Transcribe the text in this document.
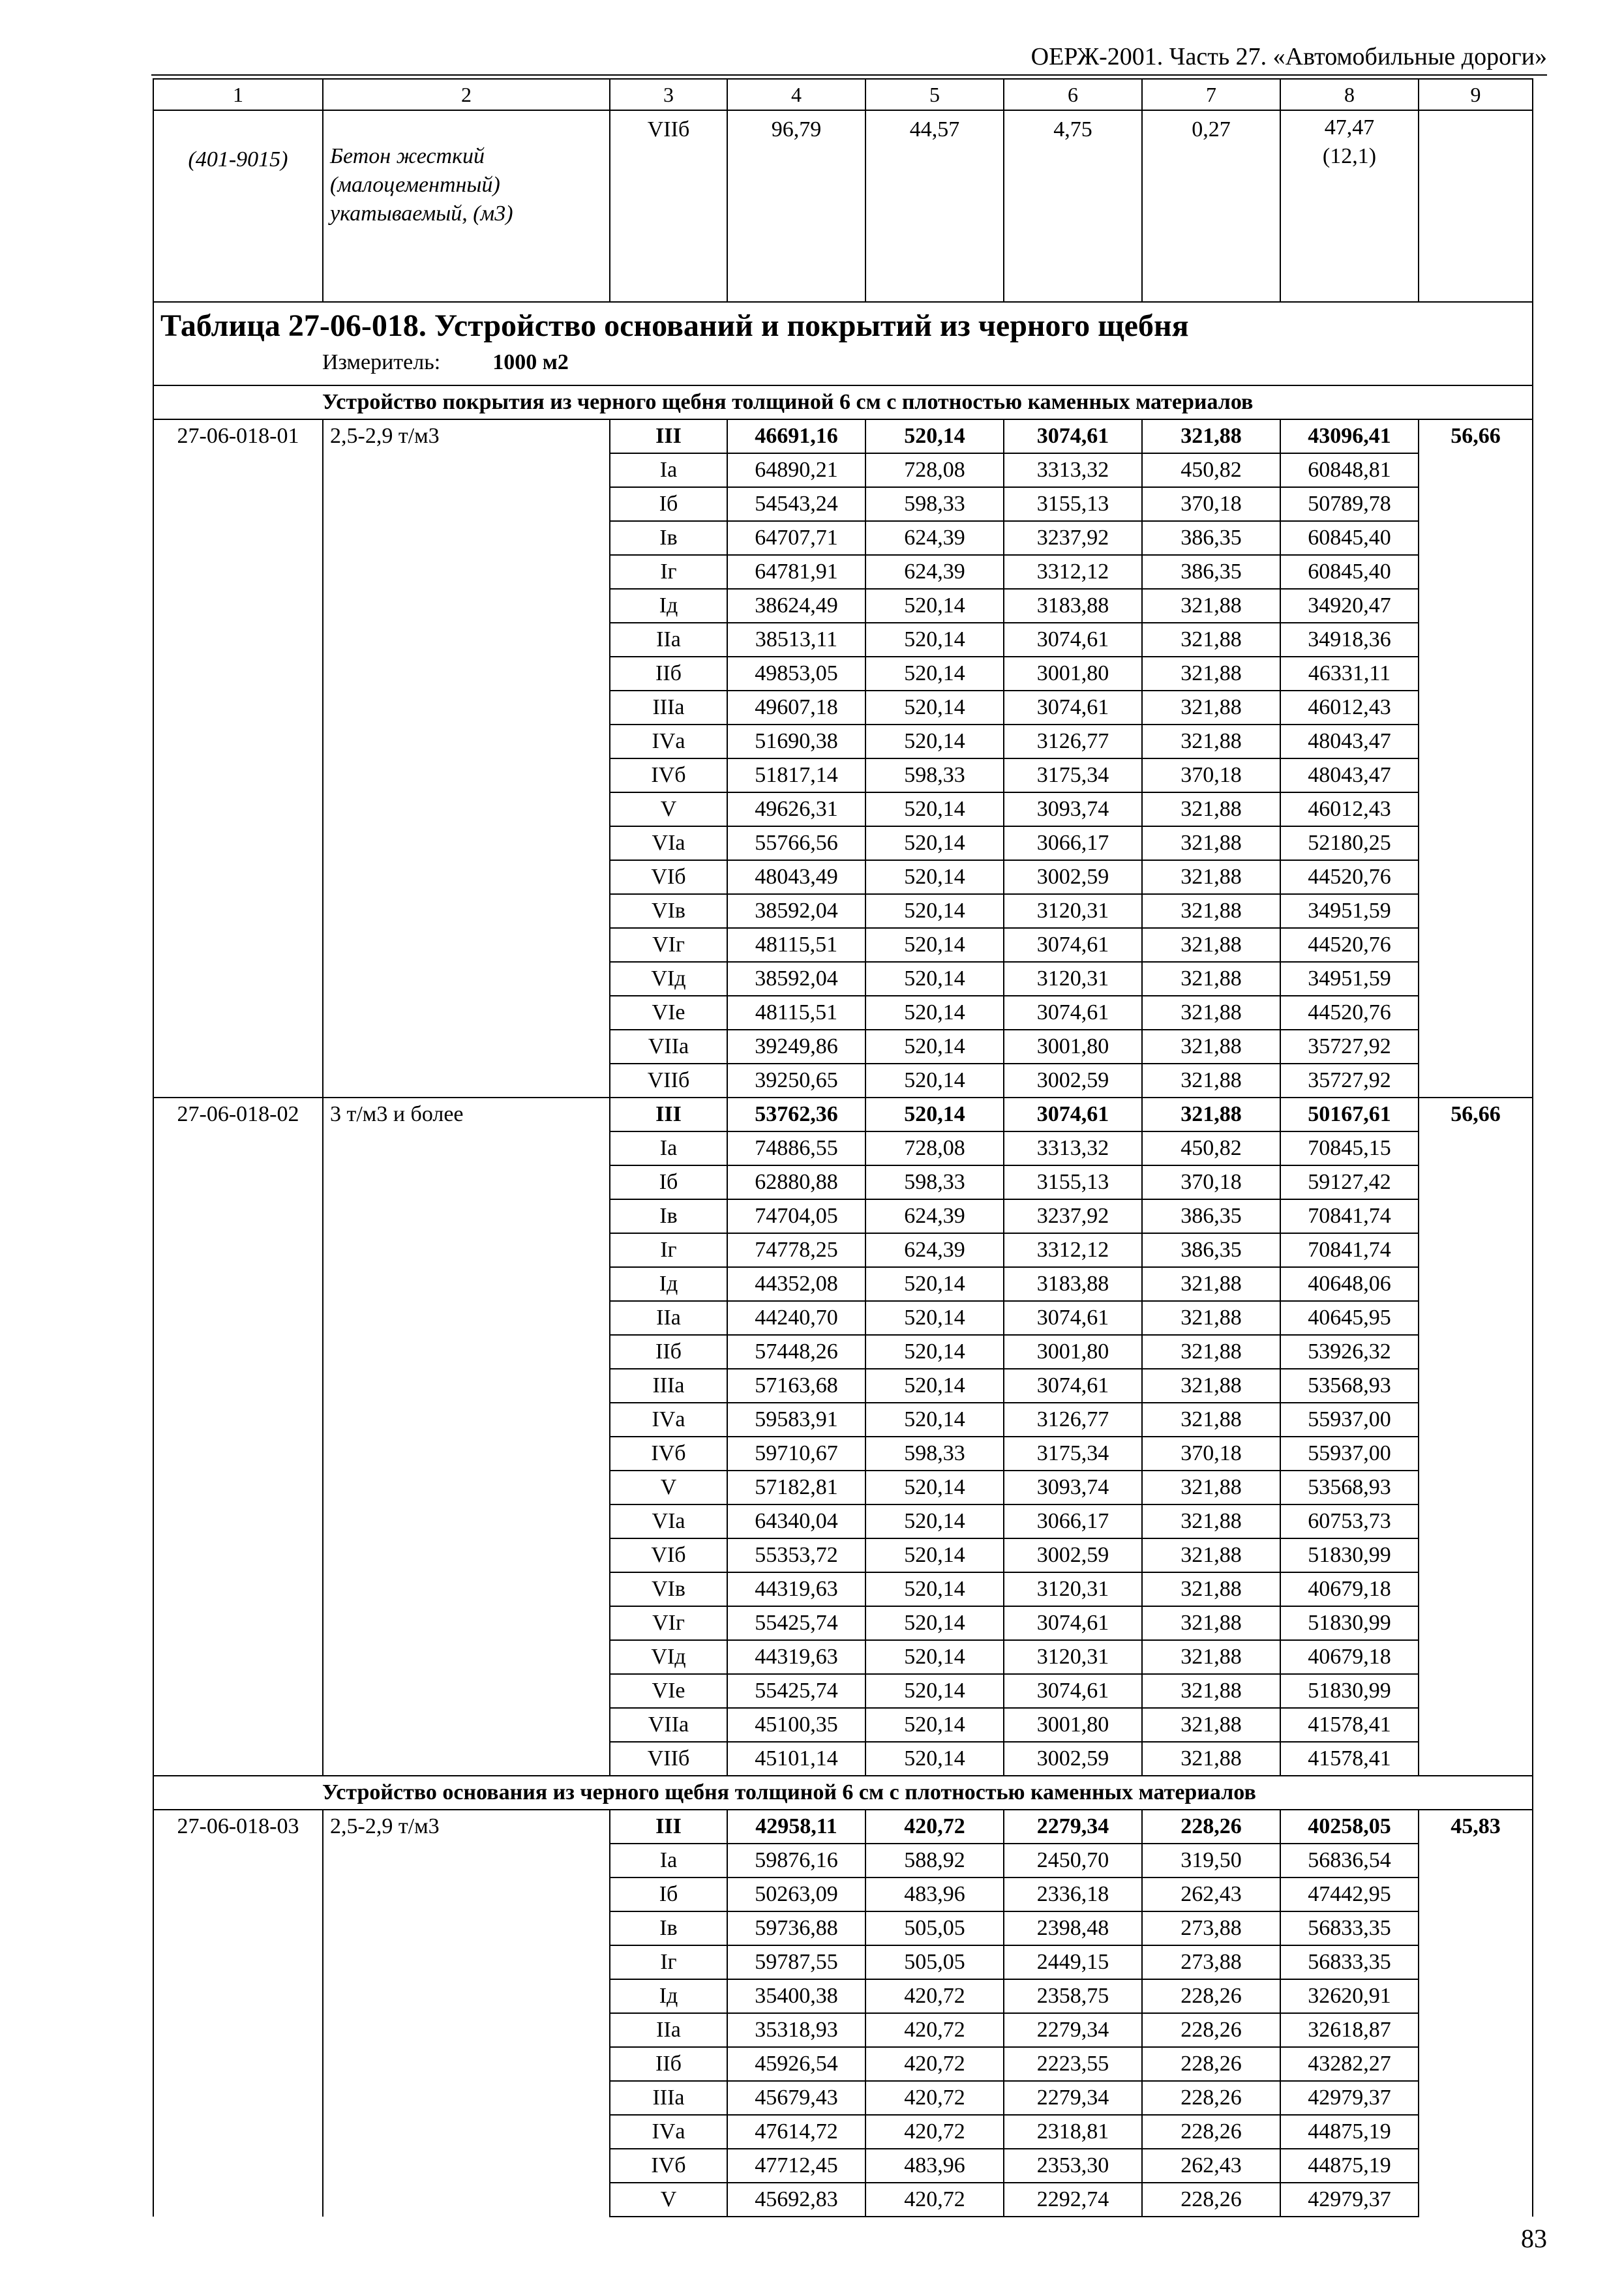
ОЕРЖ-2001. Часть 27. «Автомобильные дороги»
1	2	3	4	5	6	7	8	9
(401-9015)	Бетон жесткий
(малоцементный)
укатываемый, (м3)	VIIб	96,79	44,57	4,75	0,27	47,47
(12,1)	

Таблица 27-06-018. Устройство оснований и покрытий из черного щебня
Измеритель: 1000 м2								

Устройство покрытия из черного щебня толщиной 6 см с плотностью каменных материалов								
27-06-018-01	2,5-2,9 т/м3	III	46691,16	520,14	3074,61	321,88	43096,41	56,66
		Iа	64890,21	728,08	3313,32	450,82	60848,81	
		Iб	54543,24	598,33	3155,13	370,18	50789,78	
		Iв	64707,71	624,39	3237,92	386,35	60845,40	
		Iг	64781,91	624,39	3312,12	386,35	60845,40	
		Iд	38624,49	520,14	3183,88	321,88	34920,47	
		IIа	38513,11	520,14	3074,61	321,88	34918,36	
		IIб	49853,05	520,14	3001,80	321,88	46331,11	
		IIIа	49607,18	520,14	3074,61	321,88	46012,43	
		IVа	51690,38	520,14	3126,77	321,88	48043,47	
		IVб	51817,14	598,33	3175,34	370,18	48043,47	
		V	49626,31	520,14	3093,74	321,88	46012,43	
		VIа	55766,56	520,14	3066,17	321,88	52180,25	
		VIб	48043,49	520,14	3002,59	321,88	44520,76	
		VIв	38592,04	520,14	3120,31	321,88	34951,59	
		VIг	48115,51	520,14	3074,61	321,88	44520,76	
		VIд	38592,04	520,14	3120,31	321,88	34951,59	
		VIе	48115,51	520,14	3074,61	321,88	44520,76	
		VIIа	39249,86	520,14	3001,80	321,88	35727,92	
		VIIб	39250,65	520,14	3002,59	321,88	35727,92	
27-06-018-02	3 т/м3 и более	III	53762,36	520,14	3074,61	321,88	50167,61	56,66
		Iа	74886,55	728,08	3313,32	450,82	70845,15	
		Iб	62880,88	598,33	3155,13	370,18	59127,42	
		Iв	74704,05	624,39	3237,92	386,35	70841,74	
		Iг	74778,25	624,39	3312,12	386,35	70841,74	
		Iд	44352,08	520,14	3183,88	321,88	40648,06	
		IIа	44240,70	520,14	3074,61	321,88	40645,95	
		IIб	57448,26	520,14	3001,80	321,88	53926,32	
		IIIа	57163,68	520,14	3074,61	321,88	53568,93	
		IVа	59583,91	520,14	3126,77	321,88	55937,00	
		IVб	59710,67	598,33	3175,34	370,18	55937,00	
		V	57182,81	520,14	3093,74	321,88	53568,93	
		VIа	64340,04	520,14	3066,17	321,88	60753,73	
		VIб	55353,72	520,14	3002,59	321,88	51830,99	
		VIв	44319,63	520,14	3120,31	321,88	40679,18	
		VIг	55425,74	520,14	3074,61	321,88	51830,99	
		VIд	44319,63	520,14	3120,31	321,88	40679,18	
		VIе	55425,74	520,14	3074,61	321,88	51830,99	
		VIIа	45100,35	520,14	3001,80	321,88	41578,41	
		VIIб	45101,14	520,14	3002,59	321,88	41578,41	
Устройство основания из черного щебня толщиной 6 см с плотностью каменных материалов								
27-06-018-03	2,5-2,9 т/м3	III	42958,11	420,72	2279,34	228,26	40258,05	45,83
		Iа	59876,16	588,92	2450,70	319,50	56836,54	
		Iб	50263,09	483,96	2336,18	262,43	47442,95	
		Iв	59736,88	505,05	2398,48	273,88	56833,35	
		Iг	59787,55	505,05	2449,15	273,88	56833,35	
		Iд	35400,38	420,72	2358,75	228,26	32620,91	
		IIа	35318,93	420,72	2279,34	228,26	32618,87	
		IIб	45926,54	420,72	2223,55	228,26	43282,27	
		IIIа	45679,43	420,72	2279,34	228,26	42979,37	
		IVа	47614,72	420,72	2318,81	228,26	44875,19	
		IVб	47712,45	483,96	2353,30	262,43	44875,19	
		V	45692,83	420,72	2292,74	228,26	42979,37	
83
